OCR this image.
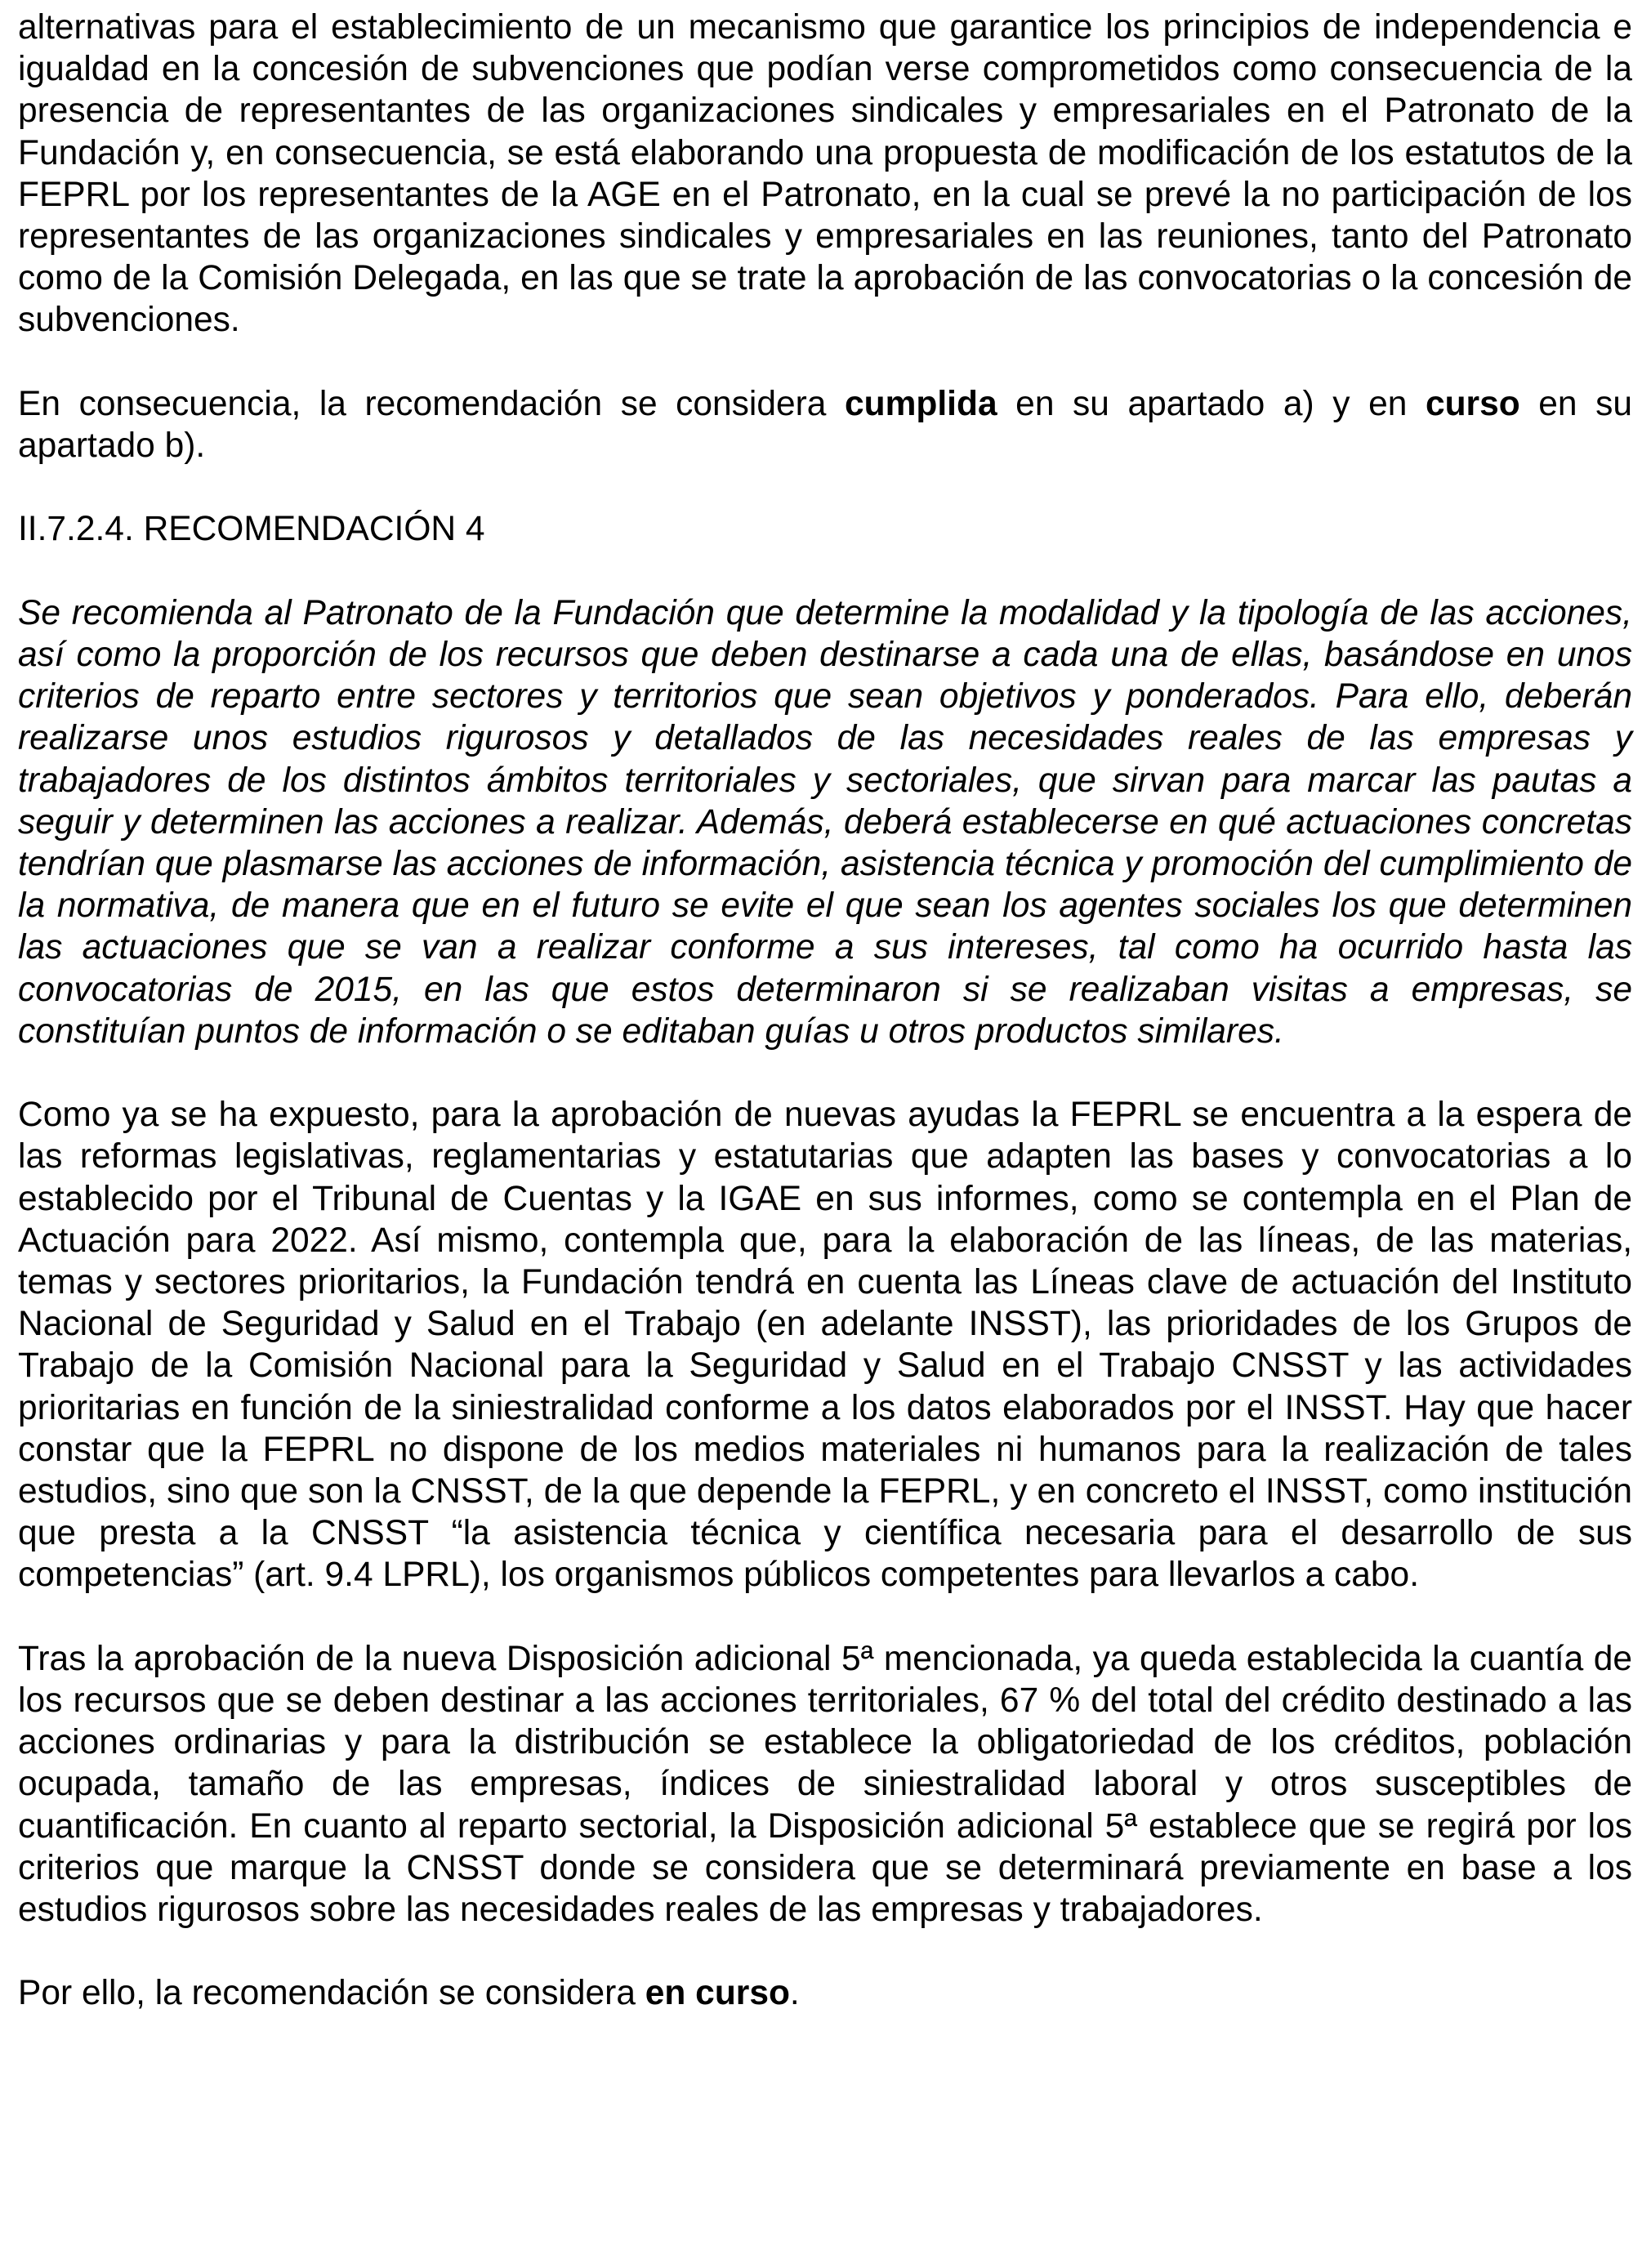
alternativas para el establecimiento de un mecanismo que garantice los principios de independencia e igualdad en la concesión de subvenciones que podían verse comprometidos como consecuencia de la presencia de representantes de las organizaciones sindicales y empresariales en el Patronato de la Fundación y, en consecuencia, se está elaborando una propuesta de modificación de los estatutos de la FEPRL por los representantes de la AGE en el Patronato, en la cual se prevé la no participación de los representantes de las organizaciones sindicales y empresariales en las reuniones, tanto del Patronato como de la Comisión Delegada, en las que se trate la aprobación de las convocatorias o la concesión de subvenciones.

En consecuencia, la recomendación se considera cumplida en su apartado a) y en curso en su apartado b).

II.7.2.4. RECOMENDACIÓN 4

Se recomienda al Patronato de la Fundación que determine la modalidad y la tipología de las acciones, así como la proporción de los recursos que deben destinarse a cada una de ellas, basándose en unos criterios de reparto entre sectores y territorios que sean objetivos y ponderados. Para ello, deberán realizarse unos estudios rigurosos y detallados de las necesidades reales de las empresas y trabajadores de los distintos ámbitos territoriales y sectoriales, que sirvan para marcar las pautas a seguir y determinen las acciones a realizar. Además, deberá establecerse en qué actuaciones concretas tendrían que plasmarse las acciones de información, asistencia técnica y promoción del cumplimiento de la normativa, de manera que en el futuro se evite el que sean los agentes sociales los que determinen las actuaciones que se van a realizar conforme a sus intereses, tal como ha ocurrido hasta las convocatorias de 2015, en las que estos determinaron si se realizaban visitas a empresas, se constituían puntos de información o se editaban guías u otros productos similares.

Como ya se ha expuesto, para la aprobación de nuevas ayudas la FEPRL se encuentra a la espera de las reformas legislativas, reglamentarias y estatutarias que adapten las bases y convocatorias a lo establecido por el Tribunal de Cuentas y la IGAE en sus informes, como se contempla en el Plan de Actuación para 2022. Así mismo, contempla que, para la elaboración de las líneas, de las materias, temas y sectores prioritarios, la Fundación tendrá en cuenta las Líneas clave de actuación del Instituto Nacional de Seguridad y Salud en el Trabajo (en adelante INSST), las prioridades de los Grupos de Trabajo de la Comisión Nacional para la Seguridad y Salud en el Trabajo CNSST y las actividades prioritarias en función de la siniestralidad conforme a los datos elaborados por el INSST. Hay que hacer constar que la FEPRL no dispone de los medios materiales ni humanos para la realización de tales estudios, sino que son la CNSST, de la que depende la FEPRL, y en concreto el INSST, como institución que presta a la CNSST “la asistencia técnica y científica necesaria para el desarrollo de sus competencias” (art. 9.4 LPRL), los organismos públicos competentes para llevarlos a cabo.

Tras la aprobación de la nueva Disposición adicional 5ª mencionada, ya queda establecida la cuantía de los recursos que se deben destinar a las acciones territoriales, 67 % del total del crédito destinado a las acciones ordinarias y para la distribución se establece la obligatoriedad de los créditos, población ocupada, tamaño de las empresas, índices de siniestralidad laboral y otros susceptibles de cuantificación. En cuanto al reparto sectorial, la Disposición adicional 5ª establece que se regirá por los criterios que marque la CNSST donde se considera que se determinará previamente en base a los estudios rigurosos sobre las necesidades reales de las empresas y trabajadores.

Por ello, la recomendación se considera en curso.
